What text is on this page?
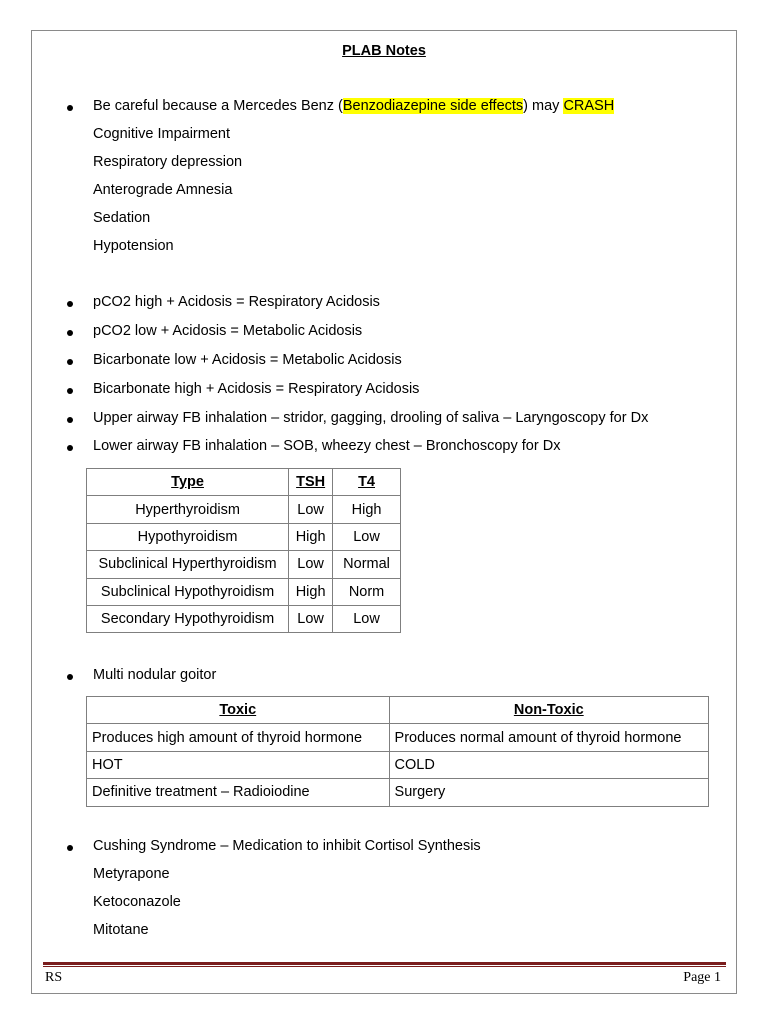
PLAB Notes
Be careful because a Mercedes Benz (Benzodiazepine side effects) may CRASH
Cognitive Impairment
Respiratory depression
Anterograde Amnesia
Sedation
Hypotension
pCO2 high + Acidosis = Respiratory Acidosis
pCO2 low + Acidosis = Metabolic Acidosis
Bicarbonate low + Acidosis = Metabolic Acidosis
Bicarbonate high + Acidosis = Respiratory Acidosis
Upper airway FB inhalation – stridor, gagging, drooling of saliva – Laryngoscopy for Dx
Lower airway FB inhalation – SOB, wheezy chest – Bronchoscopy for Dx
Type	TSH	T4
Hyperthyroidism	Low	High
Hypothyroidism	High	Low
Subclinical Hyperthyroidism	Low	Normal
Subclinical Hypothyroidism	High	Norm
Secondary Hypothyroidism	Low	Low
Multi nodular goitor
Toxic	Non-Toxic
Produces high amount of thyroid hormone	Produces normal amount of thyroid hormone
HOT	COLD
Definitive treatment – Radioiodine	Surgery
Cushing Syndrome – Medication to inhibit Cortisol Synthesis
Metyrapone
Ketoconazole
Mitotane
RS	Page 1
